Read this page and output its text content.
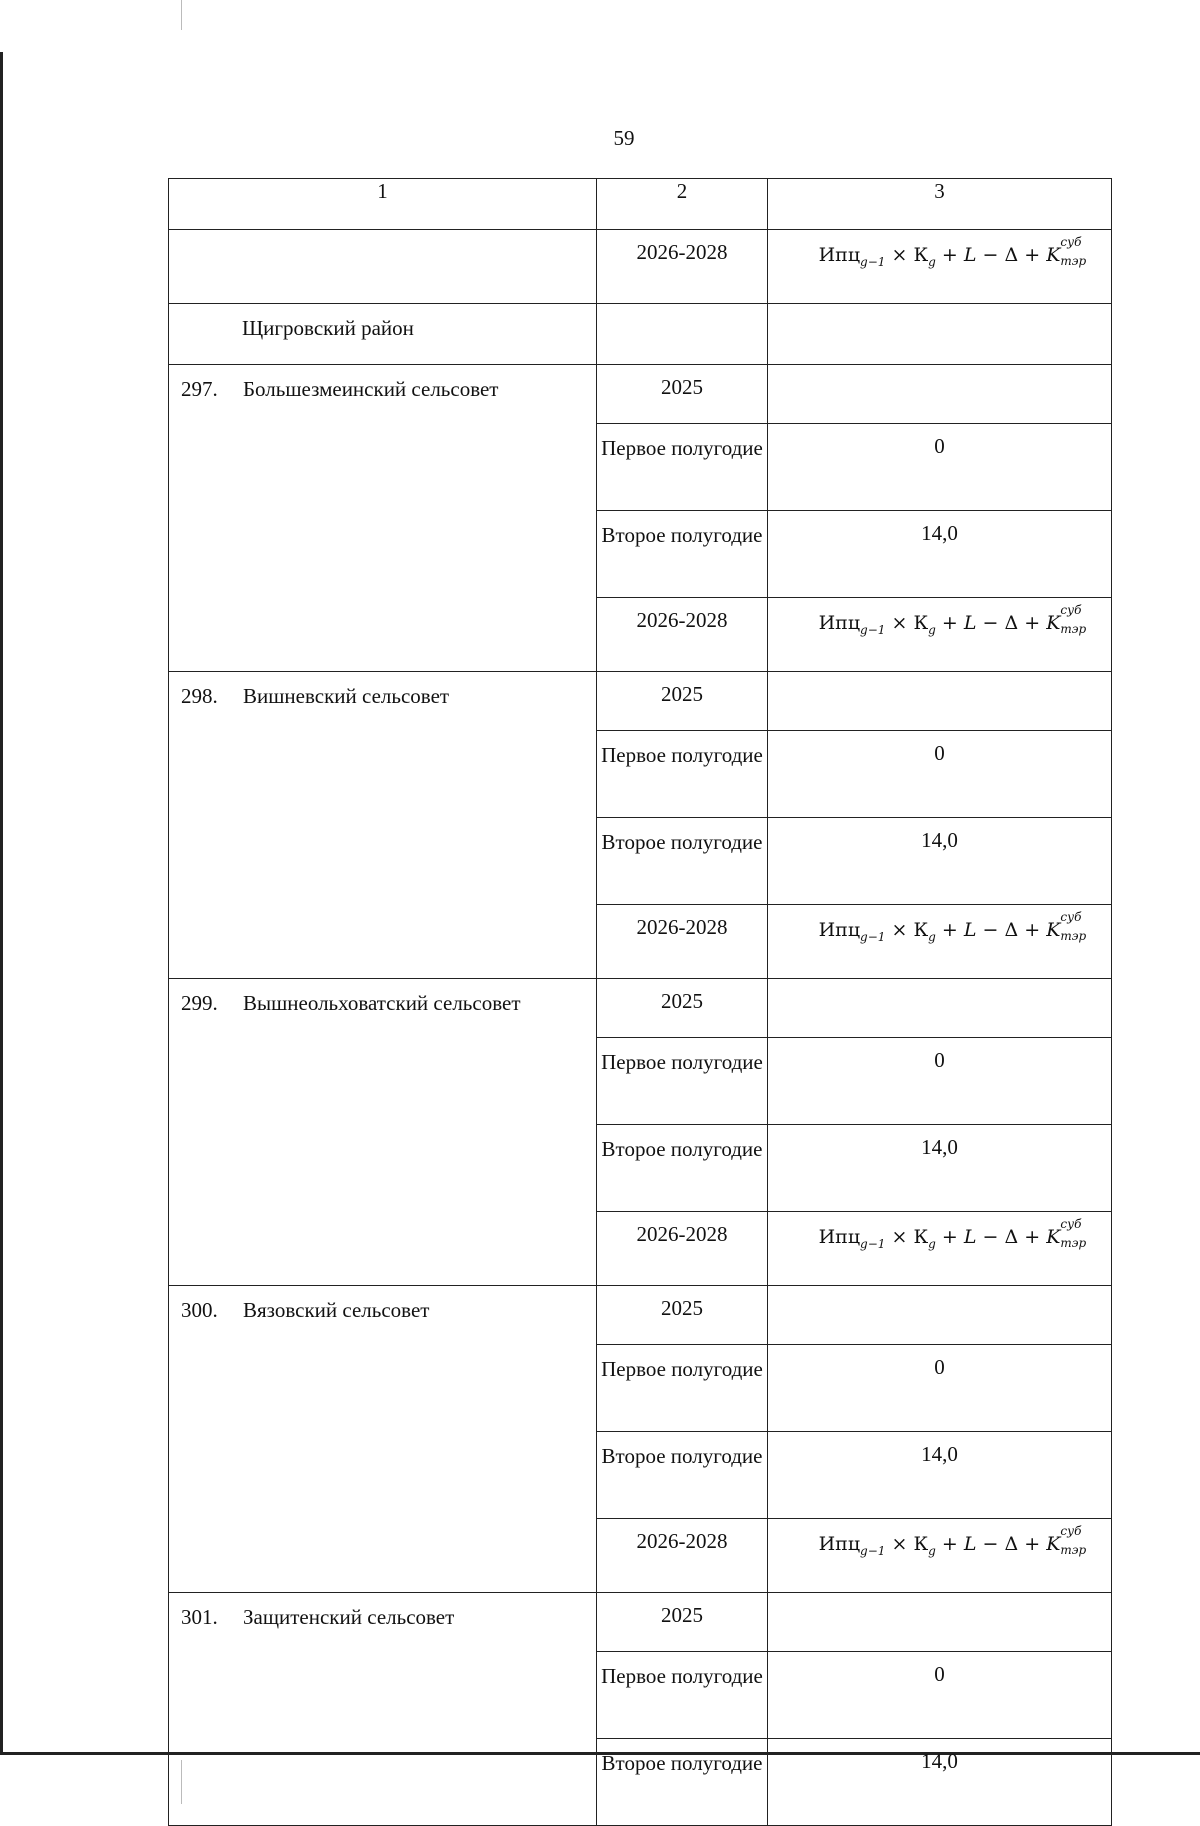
59
1	2	3
	2026-2028	$Ипц_{g-1} \times К_g + L - \Delta + K$
суб
тэр

Щигровский район		
297. Большезмеинский сельсовет	2025	
	Первое полугодие	0
	Второе полугодие	14,0
	2026-2028	$Ипц_{g-1} \times К_g + L - \Delta + K$
суб
тэр

298. Вишневский сельсовет	2025	
	Первое полугодие	0
	Второе полугодие	14,0
	2026-2028	$Ипц_{g-1} \times К_g + L - \Delta + K$
суб
тэр

299. Вышнеольховатский сельсовет	2025	
	Первое полугодие	0
	Второе полугодие	14,0
	2026-2028	$Ипц_{g-1} \times К_g + L - \Delta + K$
суб
тэр

300. Вязовский сельсовет	2025	
	Первое полугодие	0
	Второе полугодие	14,0
	2026-2028	$Ипц_{g-1} \times К_g + L - \Delta + K$
суб
тэр

301. Защитенский сельсовет	2025	
	Первое полугодие	0
	Второе полугодие	14,0
